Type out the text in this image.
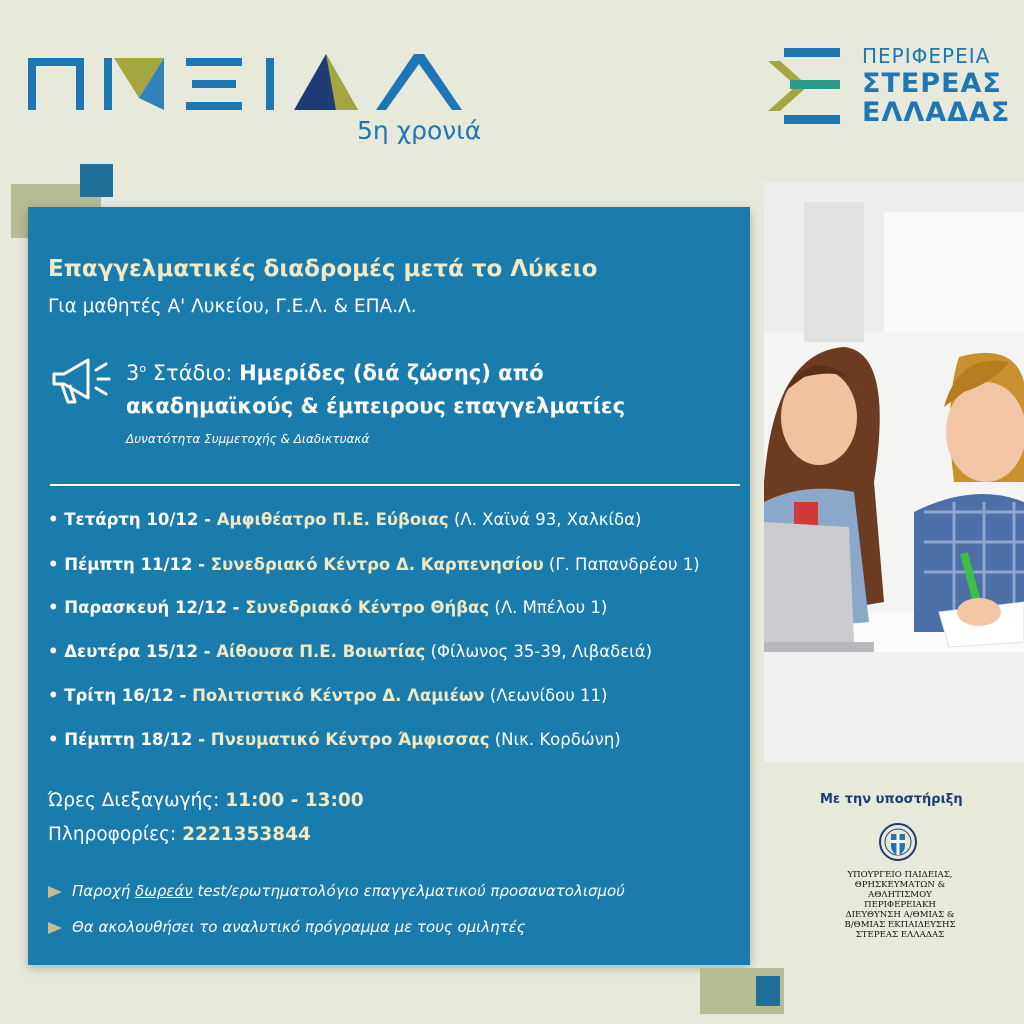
5η χρονιά
ΠΕΡΙΦΕΡΕΙΑ
ΣΤΕΡΕΑΣ
ΕΛΛΑΔΑΣ
Επαγγελματικές διαδρομές μετά το Λύκειο
Για μαθητές Α' Λυκείου, Γ.Ε.Λ. & ΕΠΑ.Λ.
$3^o$ Στάδιο: Ημερίδες (διά ζώσης) από
ακαδημαϊκούς & έμπειρους επαγγελματίες
Δυνατότητα Συμμετοχής & Διαδικτυακά
• Τετάρτη 10/12 - Αμφιθέατρο Π.Ε. Εύβοιας (Λ. Χαϊνά 93, Χαλκίδα)
• Πέμπτη 11/12 - Συνεδριακό Κέντρο Δ. Καρπενησίου (Γ. Παπανδρέου 1)
• Παρασκευή 12/12 - Συνεδριακό Κέντρο Θήβας (Λ. Μπέλου 1)
• Δευτέρα 15/12 - Αίθουσα Π.Ε. Βοιωτίας (Φίλωνος 35-39, Λιβαδειά)
• Τρίτη 16/12 - Πολιτιστικό Κέντρο Δ. Λαμιέων (Λεωνίδου 11)
• Πέμπτη 18/12 - Πνευματικό Κέντρο Άμφισσας (Νικ. Κορδώνη)
Ώρες Διεξαγωγής: 11:00 - 13:00
Πληροφορίες: 2221353844
Παροχή δωρεάν test/ερωτηματολόγιο επαγγελματικού προσανατολισμού
Θα ακολουθήσει το αναλυτικό πρόγραμμα με τους ομιλητές
Με την υποστήριξη
ΥΠΟΥΡΓΕΙΟ ΠΑΙΔΕΙΑΣ,
ΘΡΗΣΚΕΥΜΑΤΩΝ &
ΑΘΛΗΤΙΣΜΟΥ
ΠΕΡΙΦΕΡΕΙΑΚΗ
ΔΙΕΥΘΥΝΣΗ Α/ΘΜΙΑΣ &
Β/ΘΜΙΑΣ ΕΚΠΑΙΔΕΥΣΗΣ
ΣΤΕΡΕΑΣ ΕΛΛΑΔΑΣ
